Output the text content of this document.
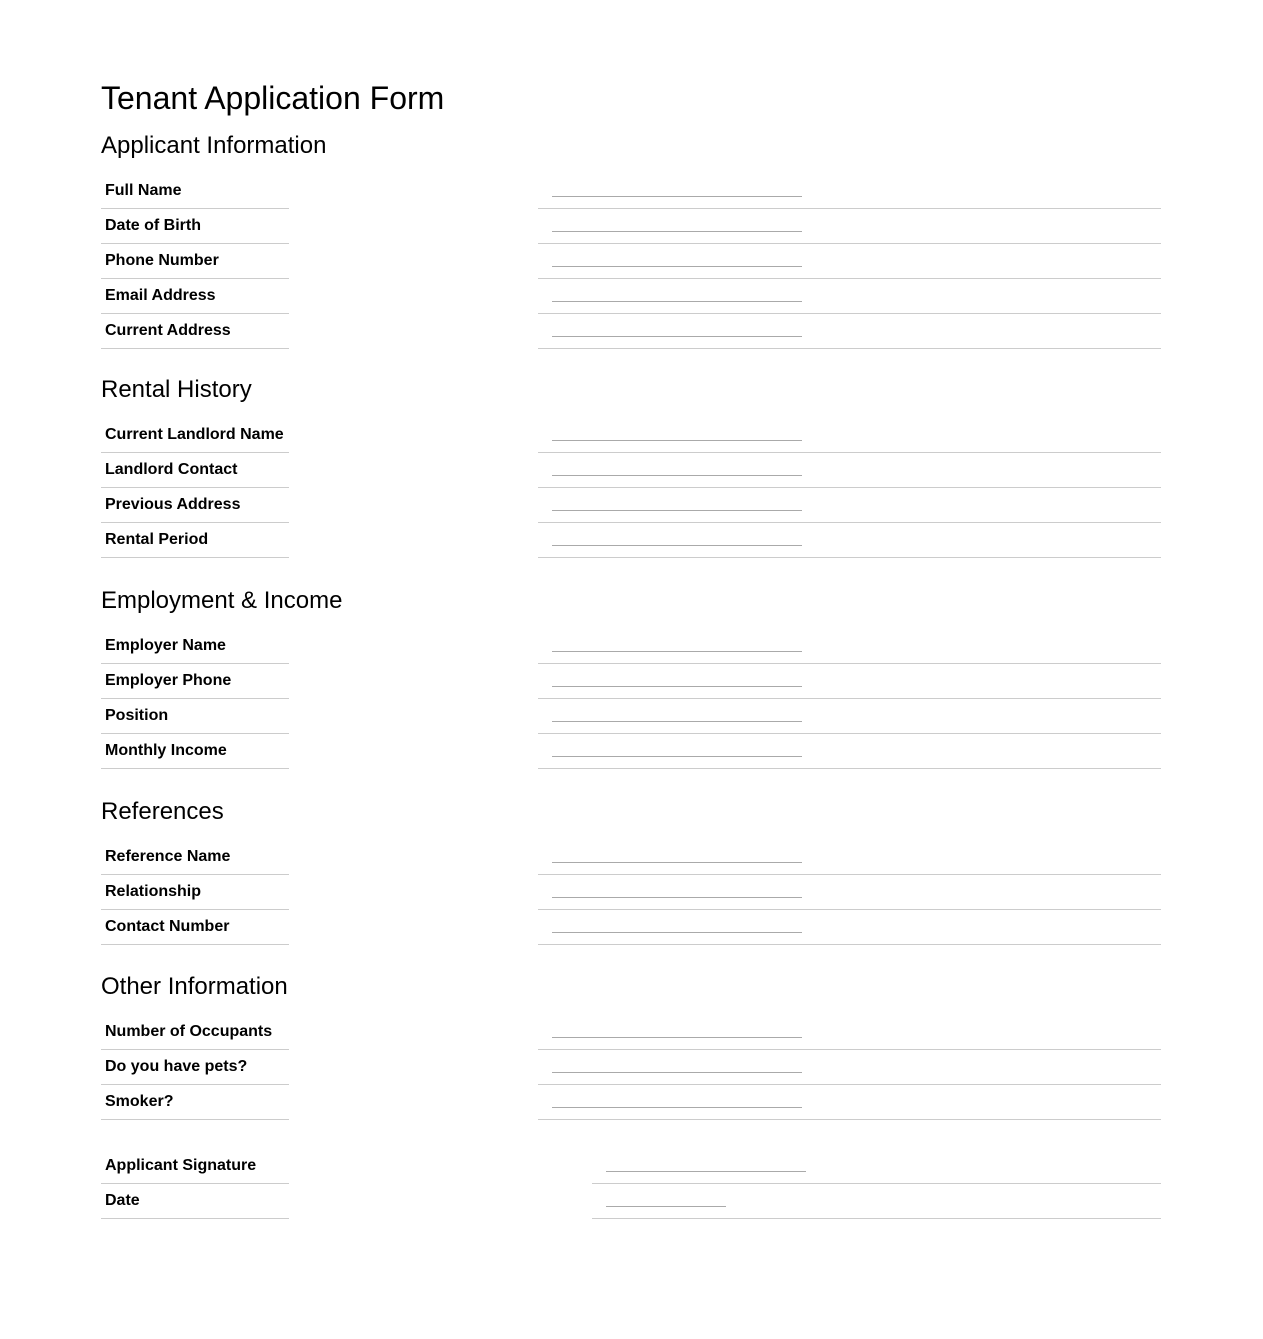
Tenant Application Form
Applicant Information
Full Name
Date of Birth
Phone Number
Email Address
Current Address
Rental History
Current Landlord Name
Landlord Contact
Previous Address
Rental Period
Employment & Income
Employer Name
Employer Phone
Position
Monthly Income
References
Reference Name
Relationship
Contact Number
Other Information
Number of Occupants
Do you have pets?
Smoker?
Applicant Signature
Date
